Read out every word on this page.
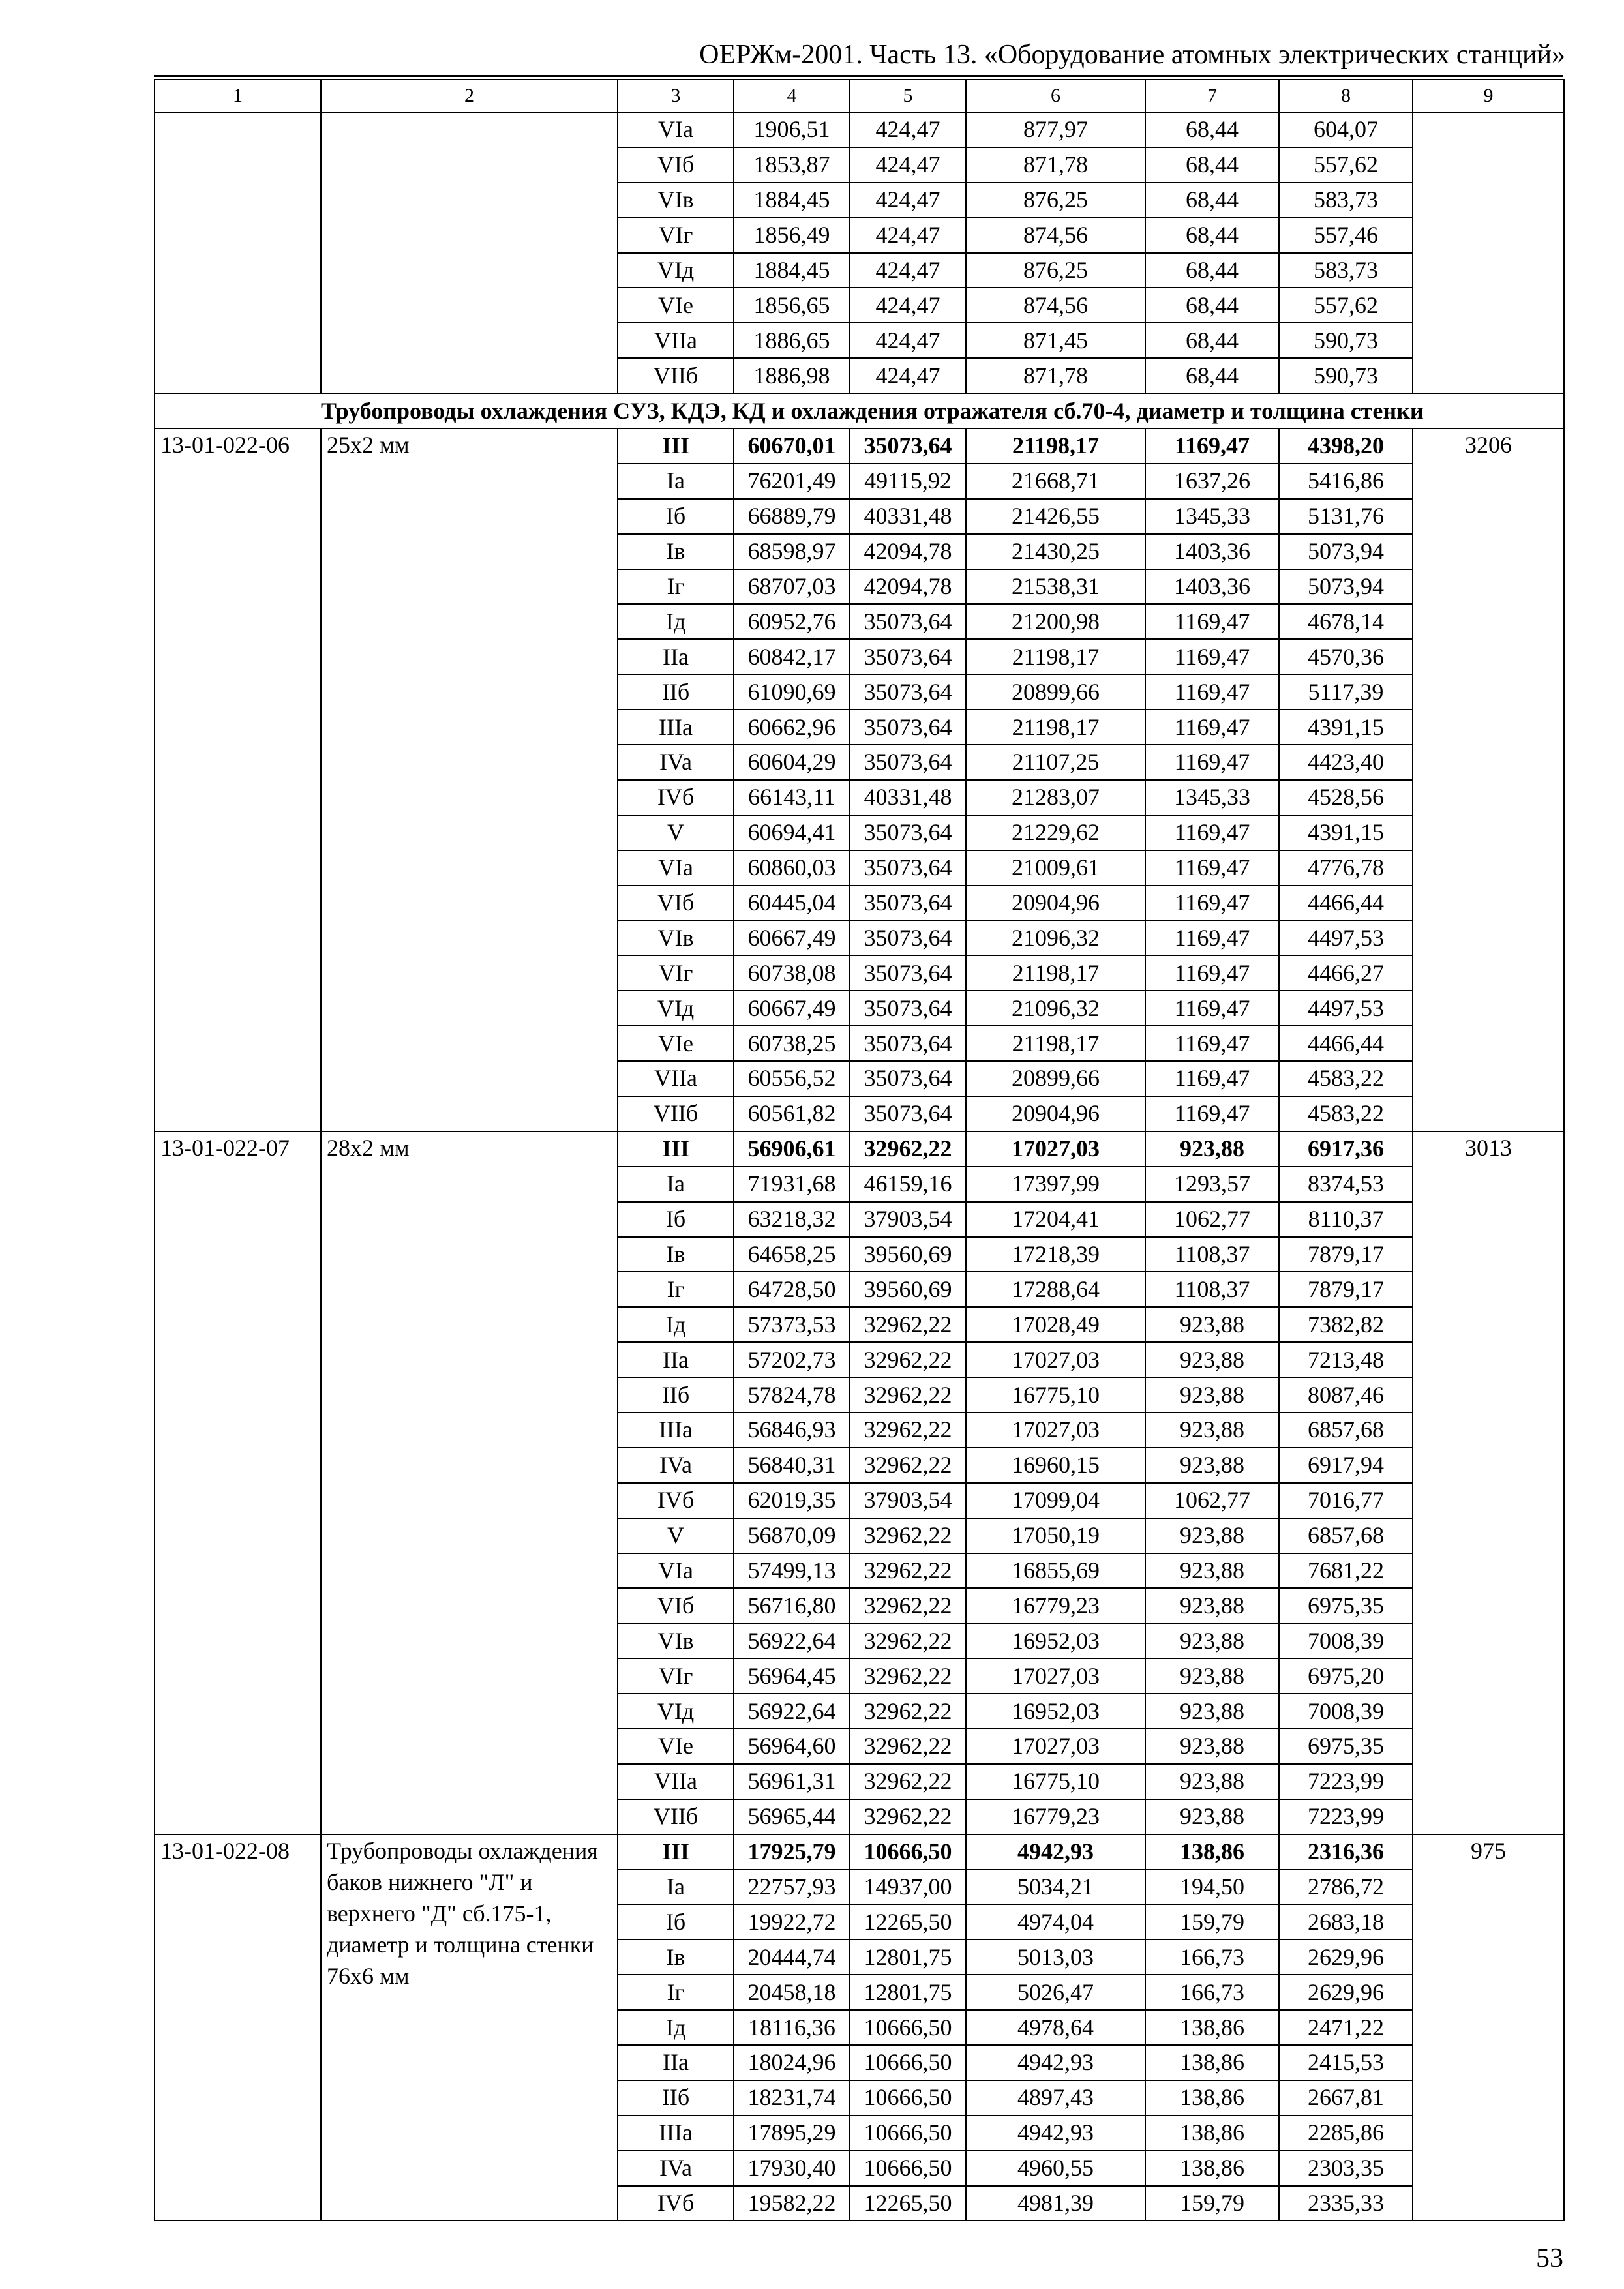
ОЕРЖм-2001. Часть 13. «Оборудование атомных электрических станций»
1	2	3	4	5	6	7	8	9
		VIa	1906,51	424,47	877,97	68,44	604,07	
		VIб	1853,87	424,47	871,78	68,44	557,62	
		VIв	1884,45	424,47	876,25	68,44	583,73	
		VIг	1856,49	424,47	874,56	68,44	557,46	
		VIд	1884,45	424,47	876,25	68,44	583,73	
		VIе	1856,65	424,47	874,56	68,44	557,62	
		VIIa	1886,65	424,47	871,45	68,44	590,73	
		VIIб	1886,98	424,47	871,78	68,44	590,73	
	Трубопроводы охлаждения СУЗ, КДЭ, КД и охлаждения отражателя сб.70-4, диаметр и толщина стенки							
13-01-022-06	25х2 мм	III	60670,01	35073,64	21198,17	1169,47	4398,20	3206
		Ia	76201,49	49115,92	21668,71	1637,26	5416,86	
		Iб	66889,79	40331,48	21426,55	1345,33	5131,76	
		Iв	68598,97	42094,78	21430,25	1403,36	5073,94	
		Iг	68707,03	42094,78	21538,31	1403,36	5073,94	
		Iд	60952,76	35073,64	21200,98	1169,47	4678,14	
		IIa	60842,17	35073,64	21198,17	1169,47	4570,36	
		IIб	61090,69	35073,64	20899,66	1169,47	5117,39	
		IIIa	60662,96	35073,64	21198,17	1169,47	4391,15	
		IVa	60604,29	35073,64	21107,25	1169,47	4423,40	
		IVб	66143,11	40331,48	21283,07	1345,33	4528,56	
		V	60694,41	35073,64	21229,62	1169,47	4391,15	
		VIa	60860,03	35073,64	21009,61	1169,47	4776,78	
		VIб	60445,04	35073,64	20904,96	1169,47	4466,44	
		VIв	60667,49	35073,64	21096,32	1169,47	4497,53	
		VIг	60738,08	35073,64	21198,17	1169,47	4466,27	
		VIд	60667,49	35073,64	21096,32	1169,47	4497,53	
		VIе	60738,25	35073,64	21198,17	1169,47	4466,44	
		VIIa	60556,52	35073,64	20899,66	1169,47	4583,22	
		VIIб	60561,82	35073,64	20904,96	1169,47	4583,22	
13-01-022-07	28х2 мм	III	56906,61	32962,22	17027,03	923,88	6917,36	3013
		Ia	71931,68	46159,16	17397,99	1293,57	8374,53	
		Iб	63218,32	37903,54	17204,41	1062,77	8110,37	
		Iв	64658,25	39560,69	17218,39	1108,37	7879,17	
		Iг	64728,50	39560,69	17288,64	1108,37	7879,17	
		Iд	57373,53	32962,22	17028,49	923,88	7382,82	
		IIa	57202,73	32962,22	17027,03	923,88	7213,48	
		IIб	57824,78	32962,22	16775,10	923,88	8087,46	
		IIIa	56846,93	32962,22	17027,03	923,88	6857,68	
		IVa	56840,31	32962,22	16960,15	923,88	6917,94	
		IVб	62019,35	37903,54	17099,04	1062,77	7016,77	
		V	56870,09	32962,22	17050,19	923,88	6857,68	
		VIa	57499,13	32962,22	16855,69	923,88	7681,22	
		VIб	56716,80	32962,22	16779,23	923,88	6975,35	
		VIв	56922,64	32962,22	16952,03	923,88	7008,39	
		VIг	56964,45	32962,22	17027,03	923,88	6975,20	
		VIд	56922,64	32962,22	16952,03	923,88	7008,39	
		VIе	56964,60	32962,22	17027,03	923,88	6975,35	
		VIIa	56961,31	32962,22	16775,10	923,88	7223,99	
		VIIб	56965,44	32962,22	16779,23	923,88	7223,99	
13-01-022-08	Трубопроводы охлаждения баков нижнего "Л" и верхнего "Д" сб.175-1, диаметр и толщина стенки 76х6 мм	III	17925,79	10666,50	4942,93	138,86	2316,36	975
		Ia	22757,93	14937,00	5034,21	194,50	2786,72	
		Iб	19922,72	12265,50	4974,04	159,79	2683,18	
		Iв	20444,74	12801,75	5013,03	166,73	2629,96	
		Iг	20458,18	12801,75	5026,47	166,73	2629,96	
		Iд	18116,36	10666,50	4978,64	138,86	2471,22	
		IIa	18024,96	10666,50	4942,93	138,86	2415,53	
		IIб	18231,74	10666,50	4897,43	138,86	2667,81	
		IIIa	17895,29	10666,50	4942,93	138,86	2285,86	
		IVa	17930,40	10666,50	4960,55	138,86	2303,35	
		IVб	19582,22	12265,50	4981,39	159,79	2335,33	
53
